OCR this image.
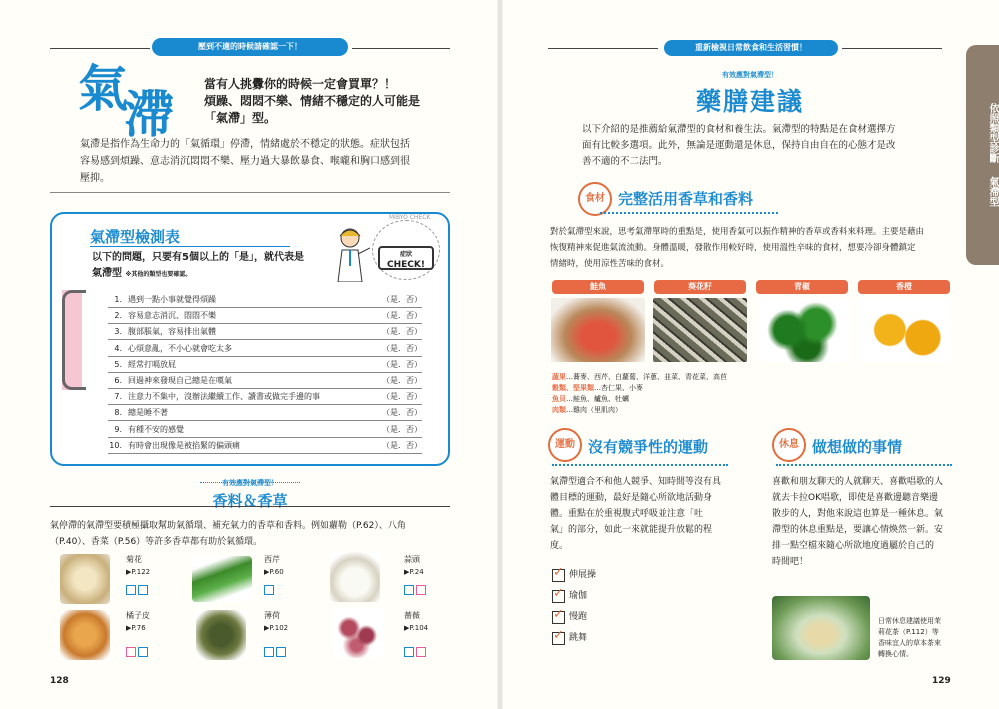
壓到不適的時候請確認一下！
氣
滯
當有人挑釁你的時候一定會買單？！
煩躁、悶悶不樂、情緒不穩定的人可能是
「氣滯」型。
氣滯是指作為生命力的「氣循環」停滯，情緒處於不穩定的狀態。症狀包括
容易感到煩躁、意志消沉悶悶不樂、壓力過大暴飲暴食、喉嚨和胸口感到很
壓抑。
氣滯型檢測表
以下的問題，只要有5個以上的「是」，就代表是
氣滯型 ※其他的類型也要確認。
MIBYO CHECK
症狀
CHECK!
1. 遇到一點小事就覺得煩躁	（是．否）
2. 容易意志消沉、悶悶不樂	（是．否）
3. 腹部脹氣，容易排出氣體	（是．否）
4. 心煩意亂，不小心就會吃太多	（是．否）
5. 經常打嗝放屁	（是．否）
6. 回過神來發現自己總是在嘆氣	（是．否）
7. 注意力不集中，沒辦法繼續工作、讀書或做完手邊的事	（是．否）
8. 總是睡不著	（是．否）
9. 有種不安的感覺	（是．否）
10. 有時會出現像是被掐緊的偏頭痛	（是．否）
有效應對氣滯型！
香料＆香草
氣停滯的氣滯型要積極攝取幫助氣循環、補充氣力的香草和香料。例如蘿勒（P.62）、八角
（P.40）、香菜（P.56）等許多香草都有助於氣循環。
菊花
▶P.122
西芹
▶P.60
蒜頭
▶P.24
橘子皮
▶P.76
薄荷
▶P.102
薔薇
▶P.104
128
依照類型診斷 氣滯型
重新檢視日常飲食和生活習慣！
有效應對氣滯型！
藥膳建議
以下介紹的是推薦給氣滯型的食材和養生法。氣滯型的特點是在食材選擇方
面有比較多選項。此外，無論是運動還是休息，保持自由自在的心態才是改
善不適的不二法門。
食材 完整活用香草和香料
對於氣滯型來說，思考氣滯單時的重點是，使用香氣可以振作精神的香草或香料來料理。主要是藉由
恢復精神來促進氣流流動。身體溫暖，發散作用較好時，使用溫性辛味的食材，想要冷卻身體鎮定
情緒時，使用涼性苦味的食材。
鮭魚	葵花籽	青椒	香橙
蔬果…蕎麥、西芹、白蘿蔔、洋蔥、韭菜、青花菜、高苣
穀類、堅果類…杏仁果、小麥
魚貝…鮭魚、鱸魚、牡蠣
肉類…雞肉（里肌肉）
運動 沒有競爭性的運動
氣滯型適合不和他人競爭、知時間等沒有具
體目標的運動，最好是隨心所欲地活動身
體。重點在於重視腹式呼吸並注意「吐
氣」的部分，如此一來就能提升放鬆的程
度。
✓
伸展操
✓
瑜伽
✓
慢跑
✓
跳舞
休息 做想做的事情
喜歡和朋友聊天的人就聊天、喜歡唱歌的人
就去卡拉OK唱歌，即使是喜歡邊聽音樂邊
散步的人，對他來說這也算是一種休息。氣
滯型的休息重點是，要讓心情煥然一新。安
排一點空檔來隨心所欲地度過屬於自己的
時間吧！
日常休息建議使用茉
莉花茶（P.112）等
香味宜人的草本茶來
轉換心情。
129
